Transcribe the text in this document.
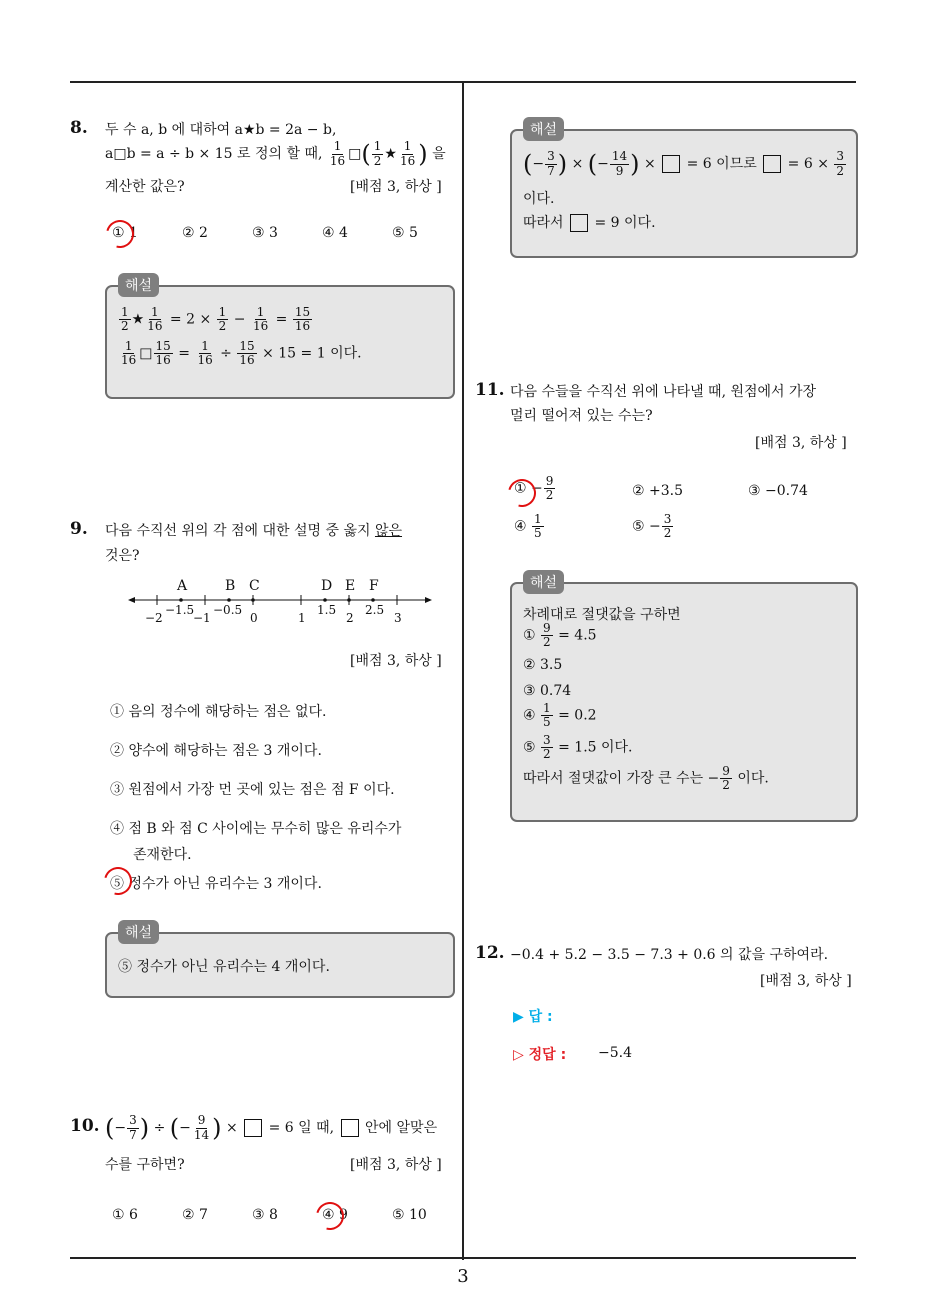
8. 두 수 a, b 에 대하여 a★b = 2a − b,
a□b = a ÷ b × 15 로 정의 할 때, $\frac{1}{16}$ □( $\frac{1}{2}$ ★ $\frac{1}{16}$ ) 을
계산한 값은?	[배점 3, 하상 ]
① 1	② 2	③ 3	④ 4	⑤ 5
해설
$\frac{1}{2}$ ★ $\frac{1}{16} = 2 \times \frac{1}{2} - \frac{1}{16} = \frac{15}{16}$
$\frac{1}{16}$ □ $\frac{15}{16} = \frac{1}{16} \div \frac{15}{16} \times 15 = 1$ 이다.
9. 다음 수직선 위의 각 점에 대한 설명 중 옳지 않은
것은?
A	B C	D E F
−1.5 −0.5	1.5 2.5
−2	−1	0	1	2	3
[배점 3, 하상 ]
① 음의 정수에 해당하는 점은 없다.
② 양수에 해당하는 점은 3 개이다.
③ 원점에서 가장 먼 곳에 있는 점은 점 F 이다.
④ 점 B 와 점 C 사이에는 무수히 많은 유리수가
존재한다.
⑤ 정수가 아닌 유리수는 3 개이다.
해설
⑤ 정수가 아닌 유리수는 4 개이다.
10. (− $\frac{3}{7}$ ) ÷ (− $\frac{9}{14}$ ) ×  = 6 일 때, 안에 알맞은
수를 구하면?	[배점 3, 하상 ]
① 6	② 7	③ 8	④ 9	⑤ 10
해설
(− $\frac{3}{7}$ ) × (− $\frac{14}{9}$ ) ×  = 6 이므로 = $6 \times \frac{3}{2}$
이다.
따라서 = 9 이다.
11. 다음 수들을 수직선 위에 나타낼 때, 원점에서 가장
멀리 떨어져 있는 수는?
[배점 3, 하상 ]
① − $\frac{9}{2}$	② +3.5	③ −0.74
④ $\frac{1}{5}$	⑤ − $\frac{3}{2}$
해설
차례대로 절댓값을 구하면
① $\frac{9}{2} = 4.5$
② 3.5
③ 0.74
④ $\frac{1}{5} = 0.2$
⑤ $\frac{3}{2} = 1.5$ 이다.
따라서 절댓값이 가장 큰 수는 − $\frac{9}{2}$ 이다.
12. −0.4 + 5.2 − 3.5 − 7.3 + 0.6 의 값을 구하여라.
[배점 3, 하상 ]
▶ 답 :
▷ 정답 : −5.4
3
